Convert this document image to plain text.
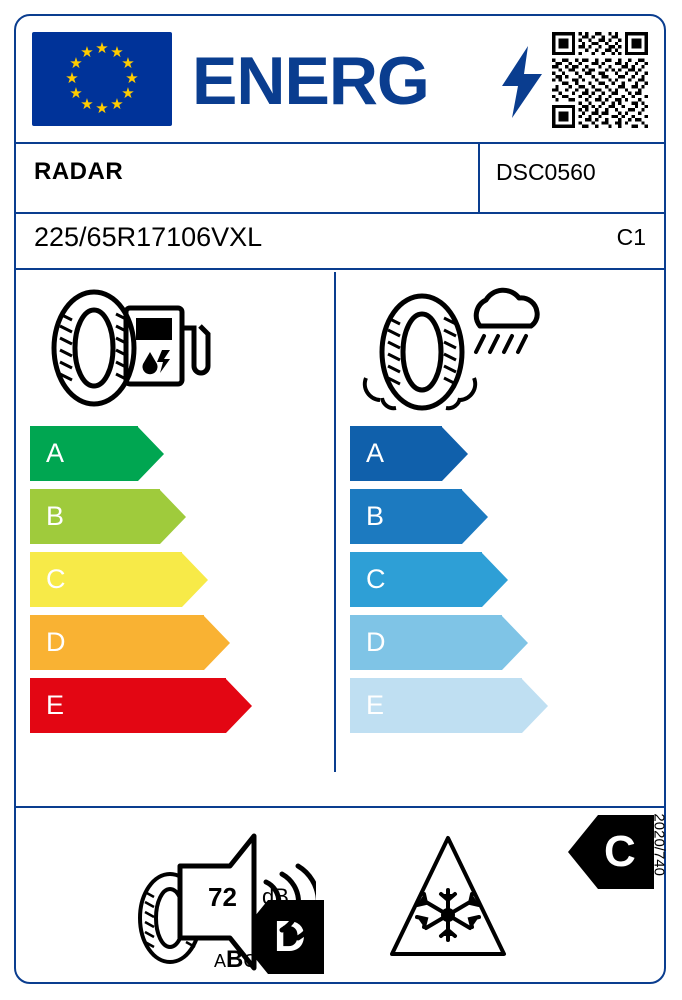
★ ★
★
★
★
★
★
★
★
★
★
★ ENERG
RADAR	DSC0560
225/65R17106VXL	C1
A
B
C
D
E
D
A
B
C
D
E
C
72 dB
ABC
2020/740
